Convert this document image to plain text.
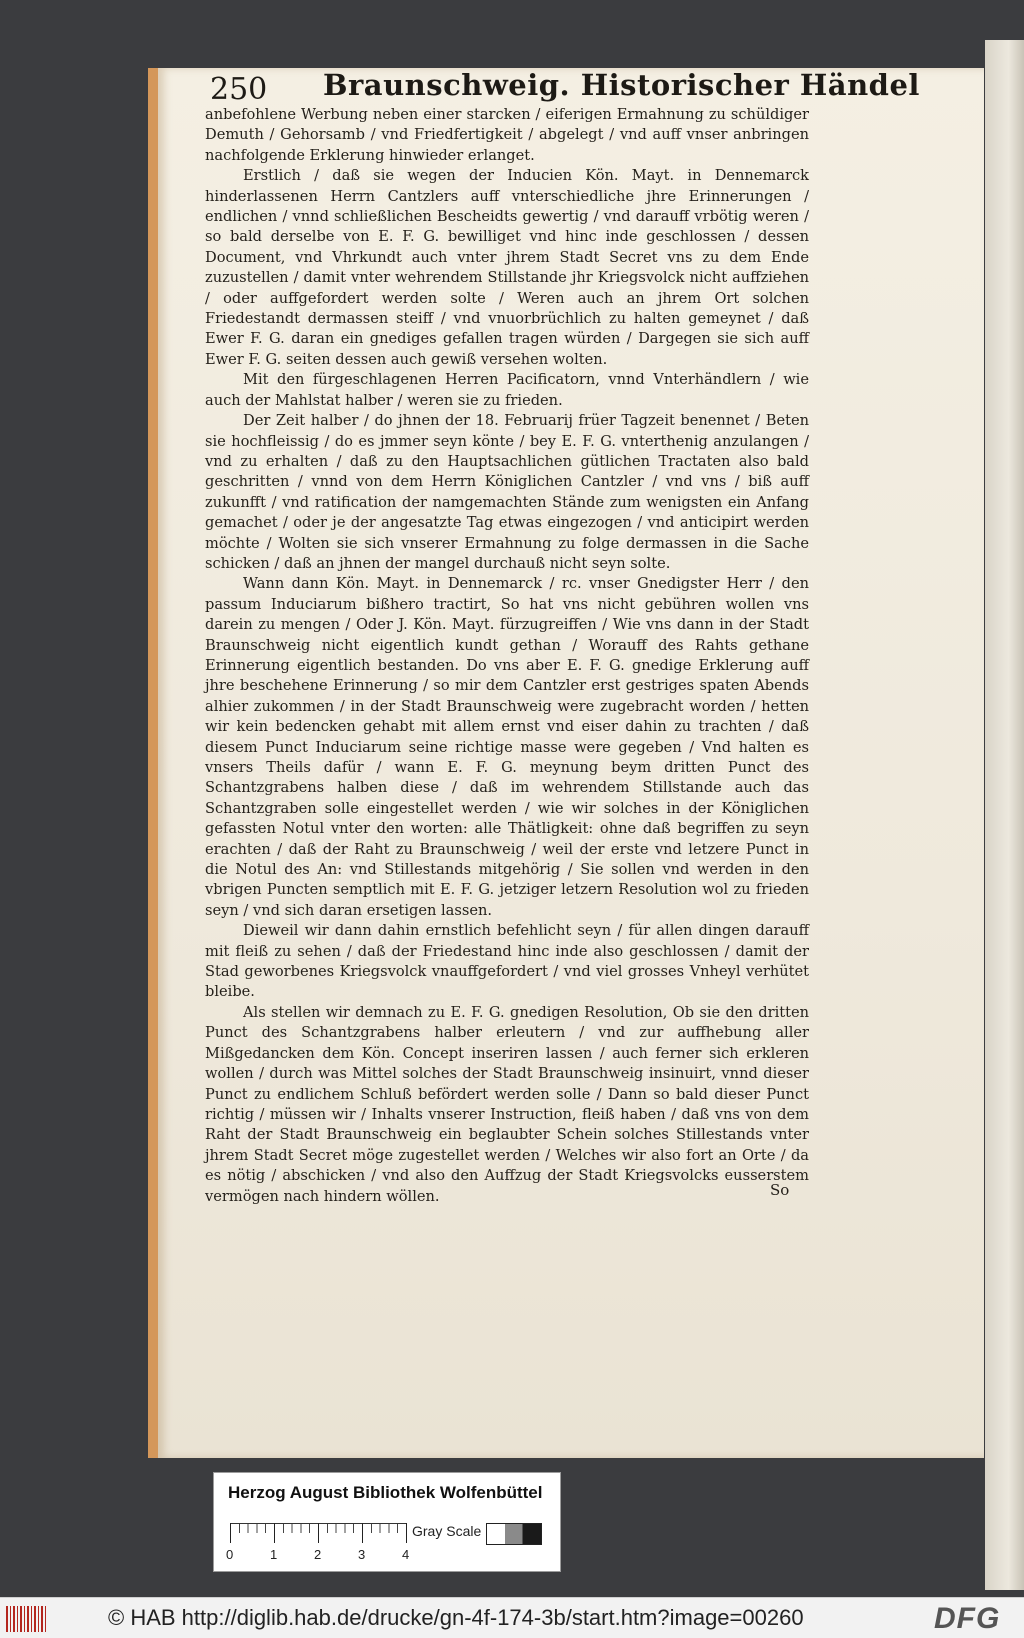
250 Braunschweig. Historischer Händel

anbefohlene Werbung neben einer starcken / eiferigen Ermahnung zu schüldiger Demuth / Gehorsamb / vnd Friedfertigkeit / abgelegt / vnd auff vnser anbringen nachfolgende Erklerung hinwieder erlanget.

Erstlich / daß sie wegen der Inducien Kön. Mayt. in Dennemarck hinderlassenen Herrn Cantzlers auff vnterschiedliche jhre Erinnerungen / endlichen / vnnd schließlichen Bescheidts gewertig / vnd darauff vrbötig weren / so bald derselbe von E. F. G. bewilliget vnd hinc inde geschlossen / dessen Document, vnd Vhrkundt auch vnter jhrem Stadt Secret vns zu dem Ende zuzustellen / damit vnter wehrendem Stillstande jhr Kriegsvolck nicht auffziehen / oder auffgefordert werden solte / Weren auch an jhrem Ort solchen Friedestandt dermassen steiff / vnd vnuorbrüchlich zu halten gemeynet / daß Ewer F. G. daran ein gnediges gefallen tragen würden / Dargegen sie sich auff Ewer F. G. seiten dessen auch gewiß versehen wolten.

Mit den fürgeschlagenen Herren Pacificatorn, vnnd Vnterhändlern / wie auch der Mahlstat halber / weren sie zu frieden.

Der Zeit halber / do jhnen der 18. Februarij früer Tagzeit benennet / Beten sie hochfleissig / do es jmmer seyn könte / bey E. F. G. vnterthenig anzulangen / vnd zu erhalten / daß zu den Hauptsachlichen gütlichen Tractaten also bald geschritten / vnnd von dem Herrn Königlichen Cantzler / vnd vns / biß auff zukunfft / vnd ratification der namgemachten Stände zum wenigsten ein Anfang gemachet / oder je der angesatzte Tag etwas eingezogen / vnd anticipirt werden möchte / Wolten sie sich vnserer Ermahnung zu folge dermassen in die Sache schicken / daß an jhnen der mangel durchauß nicht seyn solte.

Wann dann Kön. Mayt. in Dennemarck / rc. vnser Gnedigster Herr / den passum Induciarum bißhero tractirt, So hat vns nicht gebühren wollen vns darein zu mengen / Oder J. Kön. Mayt. fürzugreiffen / Wie vns dann in der Stadt Braunschweig nicht eigentlich kundt gethan / Worauff des Rahts gethane Erinnerung eigentlich bestanden. Do vns aber E. F. G. gnedige Erklerung auff jhre beschehene Erinnerung / so mir dem Cantzler erst gestriges spaten Abends alhier zukommen / in der Stadt Braunschweig were zugebracht worden / hetten wir kein bedencken gehabt mit allem ernst vnd eiser dahin zu trachten / daß diesem Punct Induciarum seine richtige masse were gegeben / Vnd halten es vnsers Theils dafür / wann E. F. G. meynung beym dritten Punct des Schantzgrabens halben diese / daß im wehrendem Stillstande auch das Schantzgraben solle eingestellet werden / wie wir solches in der Königlichen gefassten Notul vnter den worten: alle Thätligkeit: ohne daß begriffen zu seyn erachten / daß der Raht zu Braunschweig / weil der erste vnd letzere Punct in die Notul des An: vnd Stillestands mitgehörig / Sie sollen vnd werden in den vbrigen Puncten semptlich mit E. F. G. jetziger letzern Resolution wol zu frieden seyn / vnd sich daran ersetigen lassen.

Dieweil wir dann dahin ernstlich befehlicht seyn / für allen dingen darauff mit fleiß zu sehen / daß der Friedestand hinc inde also geschlossen / damit der Stad geworbenes Kriegsvolck vnauffgefordert / vnd viel grosses Vnheyl verhütet bleibe.

Als stellen wir demnach zu E. F. G. gnedigen Resolution, Ob sie den dritten Punct des Schantzgrabens halber erleutern / vnd zur auffhebung aller Mißgedancken dem Kön. Concept inseriren lassen / auch ferner sich erkleren wollen / durch was Mittel solches der Stadt Braunschweig insinuirt, vnnd dieser Punct zu endlichem Schluß befördert werden solle / Dann so bald dieser Punct richtig / müssen wir / Inhalts vnserer Instruction, fleiß haben / daß vns von dem Raht der Stadt Braunschweig ein beglaubter Schein solches Stillestands vnter jhrem Stadt Secret möge zugestellet werden / Welches wir also fort an Orte / da es nötig / abschicken / vnd also den Auffzug der Stadt Kriegsvolcks eusserstem vermögen nach hindern wöllen.	So
Herzog August Bibliothek Wolfenbüttel
0	1	2	3	4
Gray Scale
© HAB http://diglib.hab.de/drucke/gn-4f-174-3b/start.htm?image=00260	DFG
